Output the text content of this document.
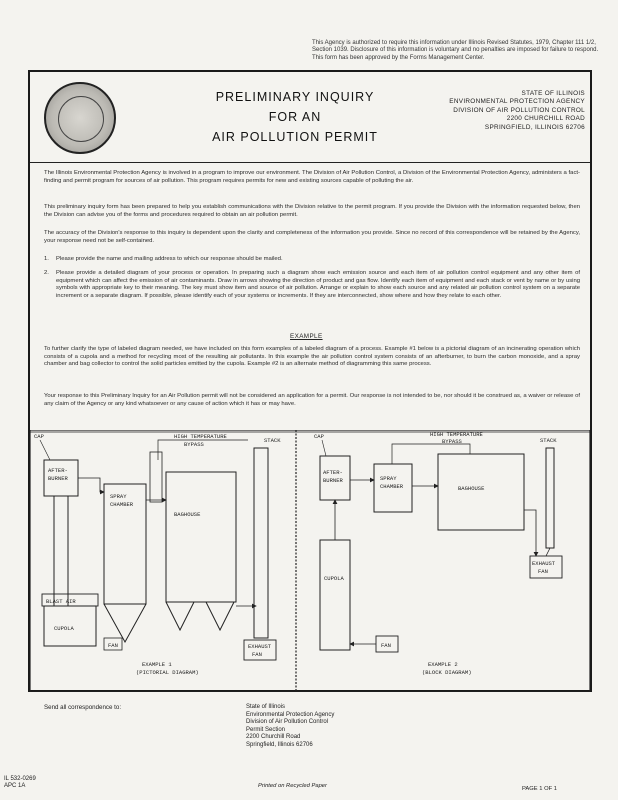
This Agency is authorized to require this information under Illinois Revised Statutes, 1979, Chapter 111 1/2, Section 1039. Disclosure of this information is voluntary and no penalties are imposed for failure to respond. This form has been approved by the Forms Management Center.
PRELIMINARY INQUIRY
FOR AN
AIR POLLUTION PERMIT
STATE OF ILLINOIS
ENVIRONMENTAL PROTECTION AGENCY
DIVISION OF AIR POLLUTION CONTROL
2200 CHURCHILL ROAD
SPRINGFIELD, ILLINOIS 62706
The Illinois Environmental Protection Agency is involved in a program to improve our environment. The Division of Air Pollution Control, a Division of the Environmental Protection Agency, administers a fact-finding and permit program for sources of air pollution. This program requires permits for new and existing sources capable of polluting the air.
This preliminary inquiry form has been prepared to help you establish communications with the Division relative to the permit program. If you provide the Division with the information requested below, then the Division can advise you of the forms and procedures required to obtain an air pollution permit.
The accuracy of the Division's response to this inquiry is dependent upon the clarity and completeness of the information you provide. Since no record of this correspondence will be retained by the Agency, your response need not be self-contained.
1. Please provide the name and mailing address to which our response should be mailed.
2. Please provide a detailed diagram of your process or operation. In preparing such a diagram show each emission source and each item of air pollution control equipment and any other item of equipment which can affect the emission of air contaminants. Draw in arrows showing the direction of product and gas flow. Identify each item of equipment and each stack or vent by name or by using symbols with appropriate key to their meaning. The key must show item and source of air pollution. Arrange or explain to show each source and any related air pollution control system on a separate increment or a separate diagram. If possible, please identify each of your systems or increments. If they are interconnected, show where and how they relate to each other.
EXAMPLE
To further clarify the type of labeled diagram needed, we have included on this form examples of a labeled diagram of a process. Example #1 below is a pictorial diagram of an incinerating operation which consists of a cupola and a method for recycling most of the resulting air pollutants. In this example the air pollution control system consists of an afterburner, to burn the carbon monoxide, and a spray chamber and bag collector to control the solid particles emitted by the cupola. Example #2 is an alternate method of diagramming this same process.
Your response to this Preliminary Inquiry for an Air Pollution permit will not be considered an application for a permit. Our response is not intended to be, nor should it be construed as, a waiver or release of any claim of the Agency or any kind whatsoever or any cause of action which it has or may have.
CAP
AFTER-
BURNER
CUPOLA
BLAST AIR
FAN
SPRAY
CHAMBER
BAGHOUSE
HIGH TEMPERATURE
BYPASS
STACK
EXHAUST
FAN
EXAMPLE 1
(PICTORIAL DIAGRAM)
CAP
AFTER-
BURNER
CUPOLA
SPRAY
CHAMBER	BAGHOUSE
HIGH TEMPERATURE
BYPASS	STACK
EXHAUST
FAN
FAN
EXAMPLE 2
(BLOCK DIAGRAM)
Send all correspondence to:	State of Illinois
Environmental Protection Agency
Division of Air Pollution Control
Permit Section
2200 Churchill Road
Springfield, Illinois 62706
IL 532-0269
APC 1A	Printed on Recycled Paper	PAGE 1 OF 1
